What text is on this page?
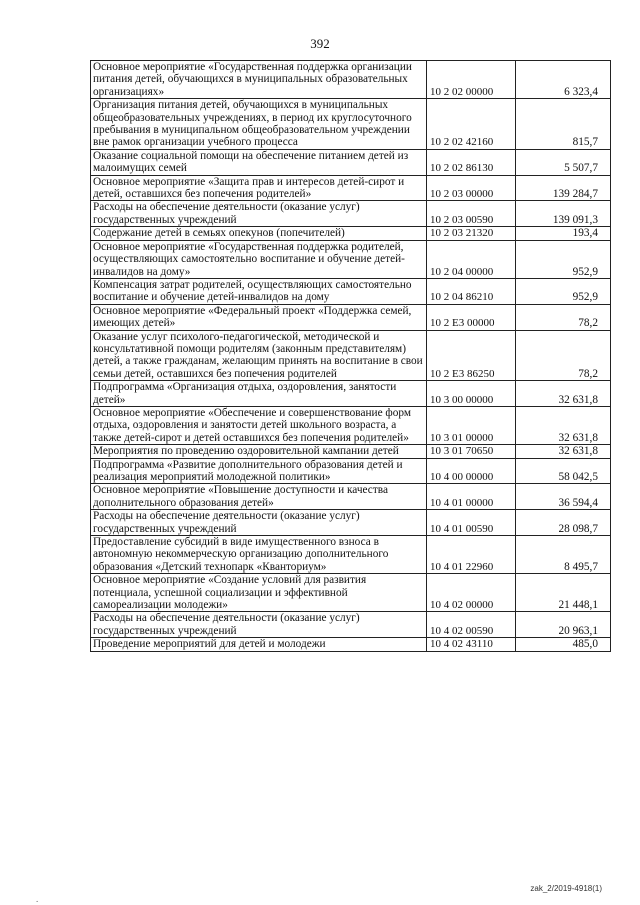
392
Основное мероприятие «Государственная поддержка организации питания детей, обучающихся в муниципальных образовательных организациях»	10 2 02 00000	6 323,4
Организация питания детей, обучающихся в муниципальных общеобразовательных учреждениях, в период их круглосуточного пребывания в муниципальном общеобразовательном учреждении вне рамок организации учебного процесса	10 2 02 42160	815,7
Оказание социальной помощи на обеспечение питанием детей из малоимущих семей	10 2 02 86130	5 507,7
Основное мероприятие «Защита прав и интересов детей-сирот и детей, оставшихся без попечения родителей»	10 2 03 00000	139 284,7
Расходы на обеспечение деятельности (оказание услуг) государственных учреждений	10 2 03 00590	139 091,3
Содержание детей в семьях опекунов (попечителей)	10 2 03 21320	193,4
Основное мероприятие «Государственная поддержка родителей, осуществляющих самостоятельно воспитание и обучение детей-инвалидов на дому»	10 2 04 00000	952,9
Компенсация затрат родителей, осуществляющих самостоятельно воспитание и обучение детей-инвалидов на дому	10 2 04 86210	952,9
Основное мероприятие «Федеральный проект «Поддержка семей, имеющих детей»	10 2 Е3 00000	78,2
Оказание услуг психолого-педагогической, методической и консультативной помощи родителям (законным представителям) детей, а также гражданам, желающим принять на воспитание в свои семьи детей, оставшихся без попечения родителей	10 2 Е3 86250	78,2
Подпрограмма «Организация отдыха, оздоровления, занятости детей»	10 3 00 00000	32 631,8
Основное мероприятие «Обеспечение и совершенствование форм отдыха, оздоровления и занятости детей школьного возраста, а также детей-сирот и детей оставшихся без попечения родителей»	10 3 01 00000	32 631,8
Мероприятия по проведению оздоровительной кампании детей	10 3 01 70650	32 631,8
Подпрограмма «Развитие дополнительного образования детей и реализация мероприятий молодежной политики»	10 4 00 00000	58 042,5
Основное мероприятие «Повышение доступности и качества дополнительного образования детей»	10 4 01 00000	36 594,4
Расходы на обеспечение деятельности (оказание услуг) государственных учреждений	10 4 01 00590	28 098,7
Предоставление субсидий в виде имущественного взноса в автономную некоммерческую организацию дополнительного образования «Детский технопарк «Кванториум»	10 4 01 22960	8 495,7
Основное мероприятие «Создание условий для развития потенциала, успешной социализации и эффективной самореализации молодежи»	10 4 02 00000	21 448,1
Расходы на обеспечение деятельности (оказание услуг) государственных учреждений	10 4 02 00590	20 963,1
Проведение мероприятий для детей и молодежи	10 4 02 43110	485,0
zak_2/2019-4918(1)
.
